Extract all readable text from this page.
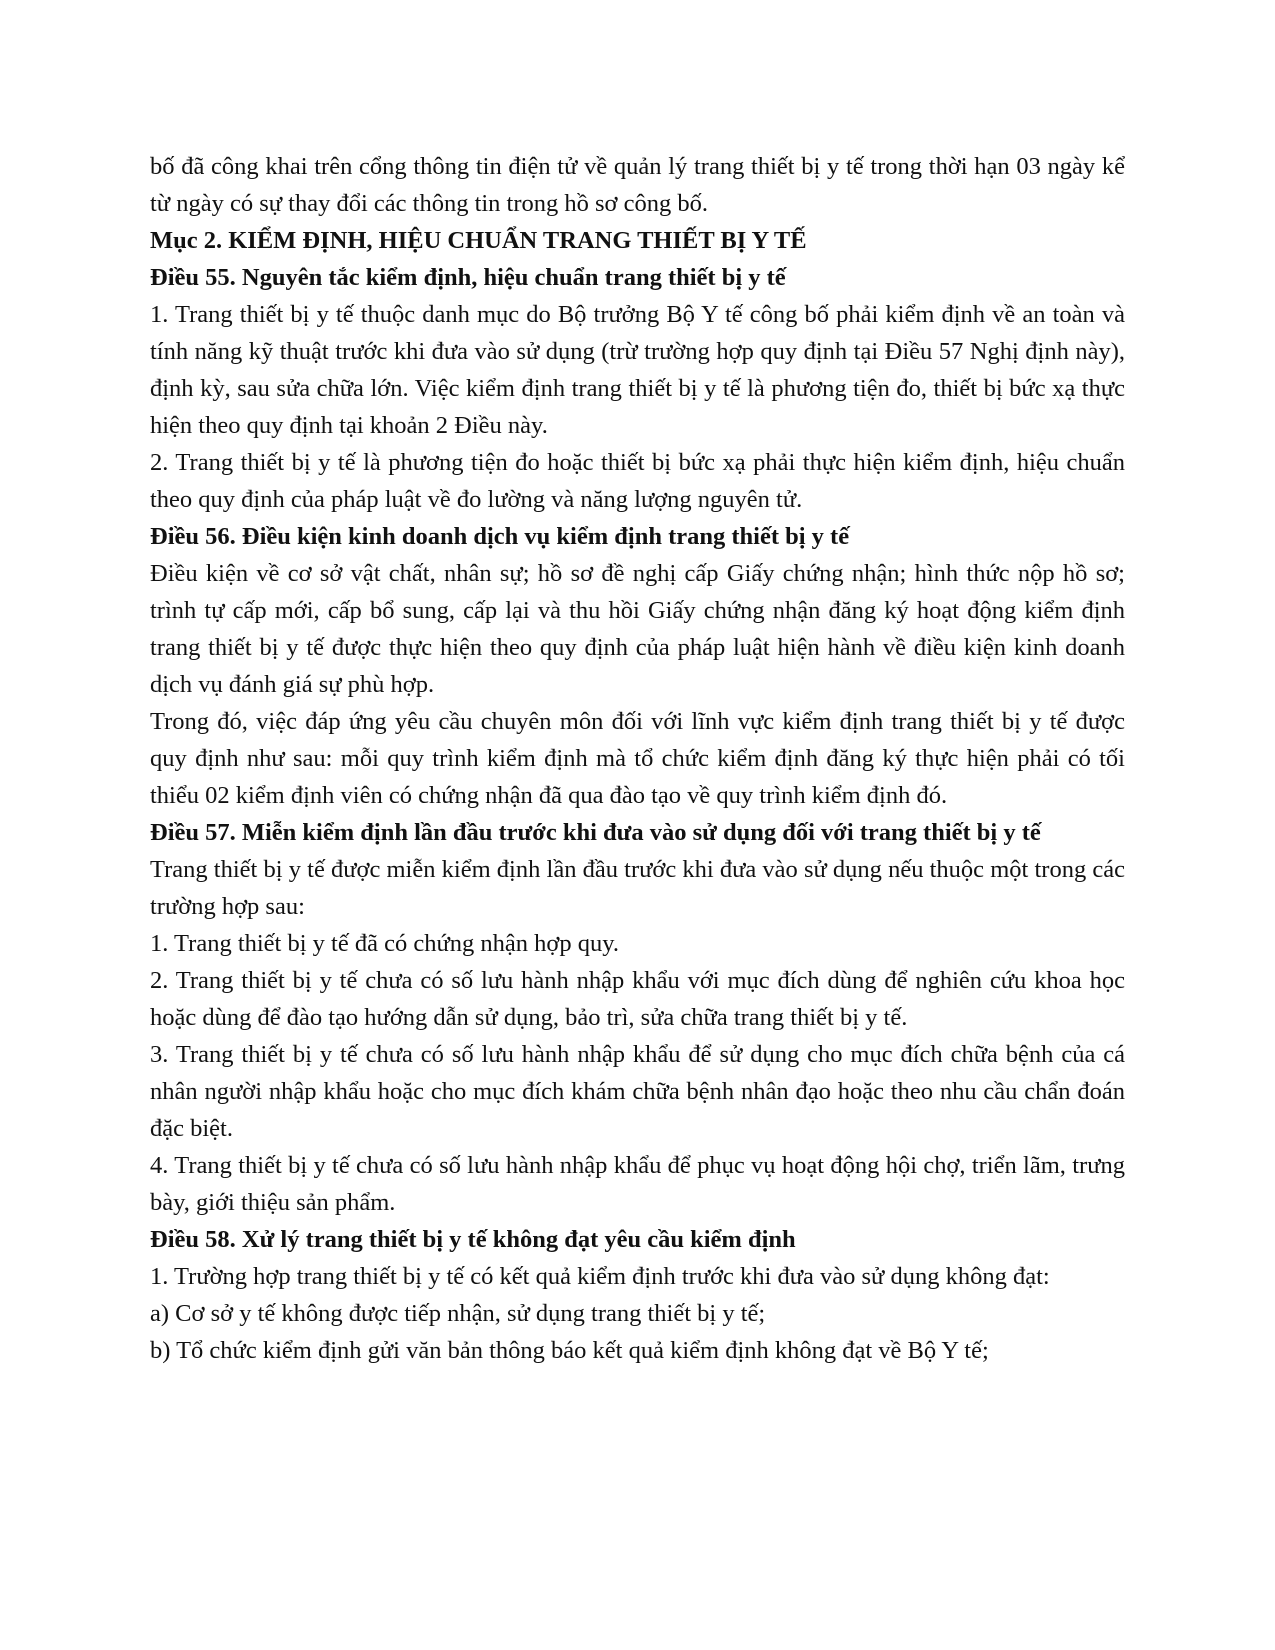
bố đã công khai trên cổng thông tin điện tử về quản lý trang thiết bị y tế trong thời hạn 03 ngày kể từ ngày có sự thay đổi các thông tin trong hồ sơ công bố.

Mục 2. KIỂM ĐỊNH, HIỆU CHUẨN TRANG THIẾT BỊ Y TẾ

Điều 55. Nguyên tắc kiểm định, hiệu chuẩn trang thiết bị y tế

1. Trang thiết bị y tế thuộc danh mục do Bộ trưởng Bộ Y tế công bố phải kiểm định về an toàn và tính năng kỹ thuật trước khi đưa vào sử dụng (trừ trường hợp quy định tại Điều 57 Nghị định này), định kỳ, sau sửa chữa lớn. Việc kiểm định trang thiết bị y tế là phương tiện đo, thiết bị bức xạ thực hiện theo quy định tại khoản 2 Điều này.

2. Trang thiết bị y tế là phương tiện đo hoặc thiết bị bức xạ phải thực hiện kiểm định, hiệu chuẩn theo quy định của pháp luật về đo lường và năng lượng nguyên tử.

Điều 56. Điều kiện kinh doanh dịch vụ kiểm định trang thiết bị y tế

Điều kiện về cơ sở vật chất, nhân sự; hồ sơ đề nghị cấp Giấy chứng nhận; hình thức nộp hồ sơ; trình tự cấp mới, cấp bổ sung, cấp lại và thu hồi Giấy chứng nhận đăng ký hoạt động kiểm định trang thiết bị y tế được thực hiện theo quy định của pháp luật hiện hành về điều kiện kinh doanh dịch vụ đánh giá sự phù hợp.

Trong đó, việc đáp ứng yêu cầu chuyên môn đối với lĩnh vực kiểm định trang thiết bị y tế được quy định như sau: mỗi quy trình kiểm định mà tổ chức kiểm định đăng ký thực hiện phải có tối thiểu 02 kiểm định viên có chứng nhận đã qua đào tạo về quy trình kiểm định đó.

Điều 57. Miễn kiểm định lần đầu trước khi đưa vào sử dụng đối với trang thiết bị y tế

Trang thiết bị y tế được miễn kiểm định lần đầu trước khi đưa vào sử dụng nếu thuộc một trong các trường hợp sau:

1. Trang thiết bị y tế đã có chứng nhận hợp quy.

2. Trang thiết bị y tế chưa có số lưu hành nhập khẩu với mục đích dùng để nghiên cứu khoa học hoặc dùng để đào tạo hướng dẫn sử dụng, bảo trì, sửa chữa trang thiết bị y tế.

3. Trang thiết bị y tế chưa có số lưu hành nhập khẩu để sử dụng cho mục đích chữa bệnh của cá nhân người nhập khẩu hoặc cho mục đích khám chữa bệnh nhân đạo hoặc theo nhu cầu chẩn đoán đặc biệt.

4. Trang thiết bị y tế chưa có số lưu hành nhập khẩu để phục vụ hoạt động hội chợ, triển lãm, trưng bày, giới thiệu sản phẩm.

Điều 58. Xử lý trang thiết bị y tế không đạt yêu cầu kiểm định

1. Trường hợp trang thiết bị y tế có kết quả kiểm định trước khi đưa vào sử dụng không đạt:

a) Cơ sở y tế không được tiếp nhận, sử dụng trang thiết bị y tế;

b) Tổ chức kiểm định gửi văn bản thông báo kết quả kiểm định không đạt về Bộ Y tế;
